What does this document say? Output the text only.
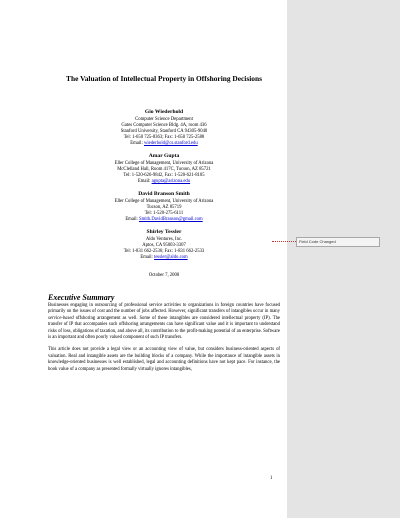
Field Code Changed
The Valuation of Intellectual Property in Offshoring Decisions
Gio Wiederhold
Computer Science Department
Gates Computer Science Bldg. 4A, room 436
Stanford University, Stanford CA 94305-9040
Tel: 1-650 725-8363; Fax: 1-650 725-2588
Email: wiederhold@cs.stanford.edu
Amar Gupta
Eller College of Management, University of Arizona
McClelland Hall, Room 417C, Tucson, AZ 85721
Tel: 1-520-626-9842, Fax: 1-520-621-8105
Email: agupta@arizona.edu
David Branson Smith
Eller College of Management, University of Arizona
Tucson, AZ 85719
Tel: 1-520-275-6111
Email: Smith.DavidBranson@gmail.com
Shirley Tessler
Aldo Ventures, Inc.
Aptos, CA 95003-3307
Tel: 1-831 662-2536; Fax: 1-831 662-2533
Email: tessler@aldo.com
October 7, 2008
Executive Summary

Businesses engaging in outsourcing of professional service activities to organizations in foreign countries have focused primarily on the issues of cost and the number of jobs affected. However, significant transfers of intangibles occur in many service-based offshoring arrangement as well. Some of these intangibles are considered intellectual property (IP). The transfer of IP that accompanies such offshoring arrangements can have significant value and it is important to understand risks of loss, obligations of taxation, and above all, its contribution to the profit-making potential of an enterprise. Software is an important and often poorly valued component of such IP transfers.

This article does not provide a legal view or an accounting view of value, but considers business-oriented aspects of valuation. Real and intangible assets are the building blocks of a company. While the importance of intangible assets in knowledge-oriented businesses is well established, legal and accounting definitions have not kept pace. For instance, the book value of a company as presented formally virtually ignores intangibles,

1
